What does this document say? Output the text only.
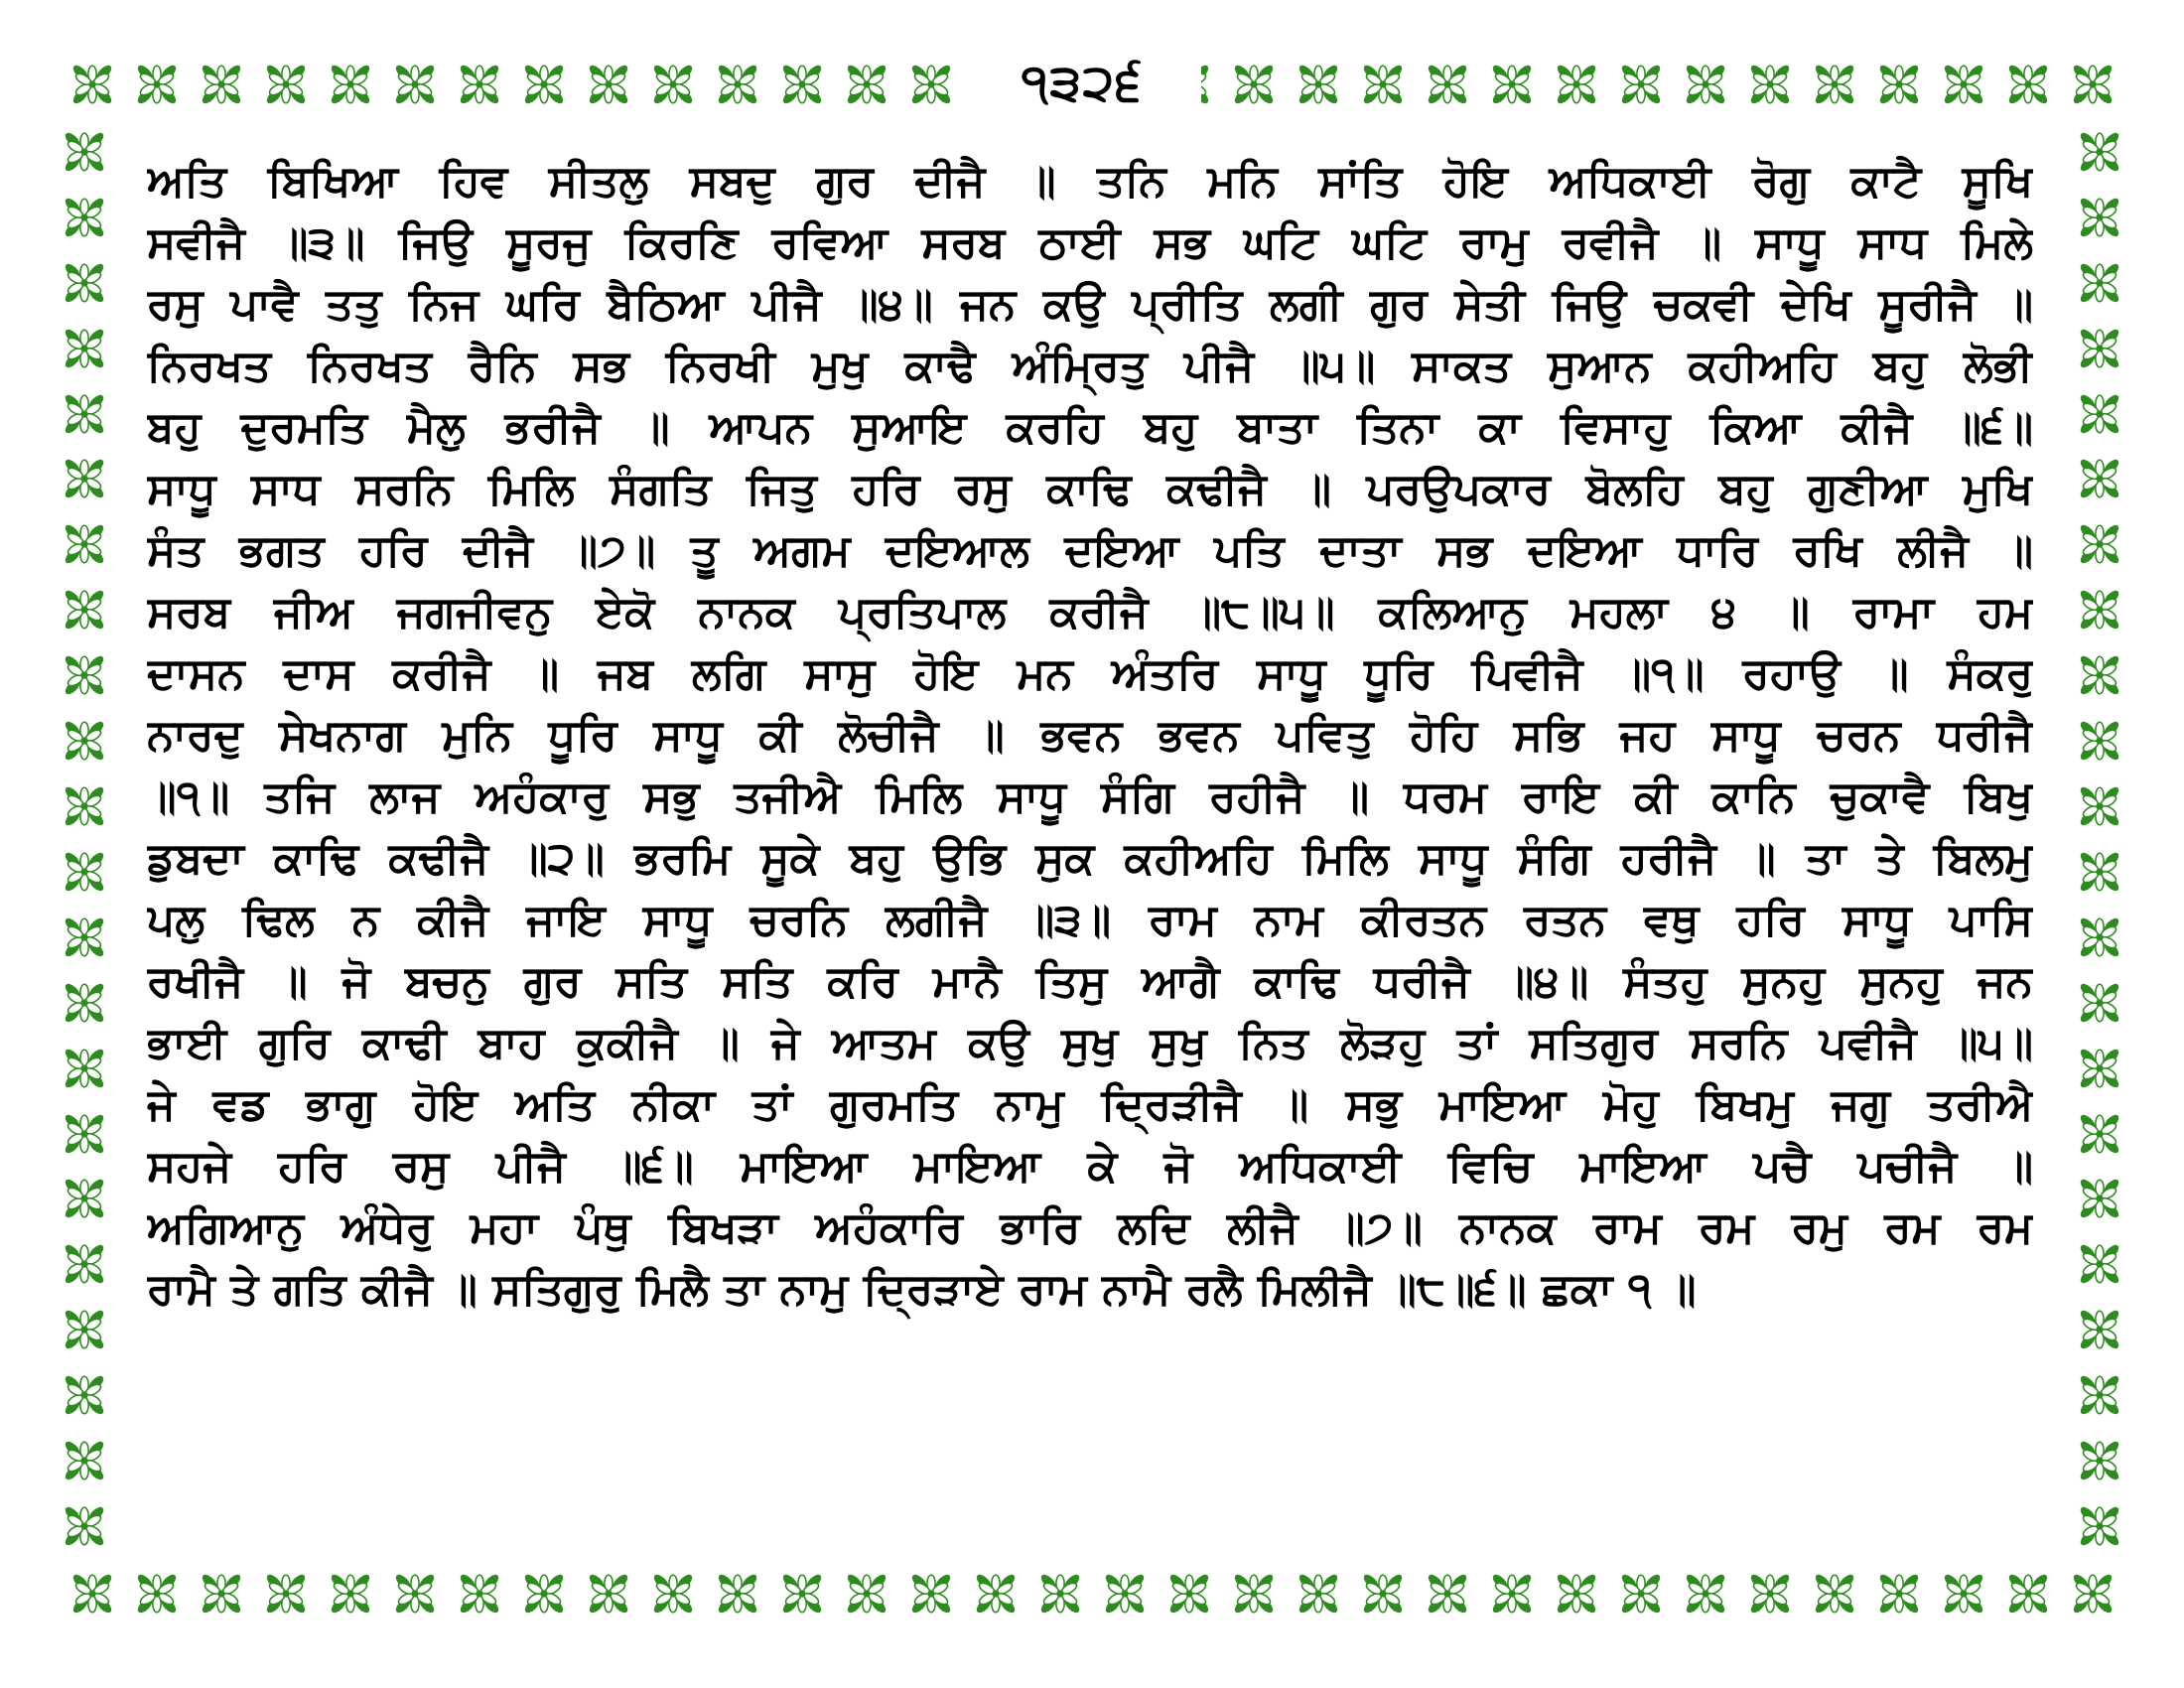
੧੩੨੬
ਅਤਿ ਬਿਖਿਆ ਹਿਵ ਸੀਤਲੁ ਸਬਦੁ ਗੁਰ ਦੀਜੈ ॥ ਤਨਿ ਮਨਿ ਸਾਂਤਿ ਹੋਇ ਅਧਿਕਾਈ ਰੋਗੁ ਕਾਟੈ ਸੂਖਿ
ਸਵੀਜੈ ॥੩॥ ਜਿਉ ਸੂਰਜੁ ਕਿਰਣਿ ਰਵਿਆ ਸਰਬ ਠਾਈ ਸਭ ਘਟਿ ਘਟਿ ਰਾਮੁ ਰਵੀਜੈ ॥ ਸਾਧੂ ਸਾਧ ਮਿਲੇ
ਰਸੁ ਪਾਵੈ ਤਤੁ ਨਿਜ ਘਰਿ ਬੈਠਿਆ ਪੀਜੈ ॥੪॥ ਜਨ ਕਉ ਪ੍ਰੀਤਿ ਲਗੀ ਗੁਰ ਸੇਤੀ ਜਿਉ ਚਕਵੀ ਦੇਖਿ ਸੂਰੀਜੈ ॥
ਨਿਰਖਤ ਨਿਰਖਤ ਰੈਨਿ ਸਭ ਨਿਰਖੀ ਮੁਖੁ ਕਾਢੈ ਅੰਮ੍ਰਿਤੁ ਪੀਜੈ ॥੫॥ ਸਾਕਤ ਸੁਆਨ ਕਹੀਅਹਿ ਬਹੁ ਲੋਭੀ
ਬਹੁ ਦੁਰਮਤਿ ਮੈਲੁ ਭਰੀਜੈ ॥ ਆਪਨ ਸੁਆਇ ਕਰਹਿ ਬਹੁ ਬਾਤਾ ਤਿਨਾ ਕਾ ਵਿਸਾਹੁ ਕਿਆ ਕੀਜੈ ॥੬॥
ਸਾਧੂ ਸਾਧ ਸਰਨਿ ਮਿਲਿ ਸੰਗਤਿ ਜਿਤੁ ਹਰਿ ਰਸੁ ਕਾਢਿ ਕਢੀਜੈ ॥ ਪਰਉਪਕਾਰ ਬੋਲਹਿ ਬਹੁ ਗੁਣੀਆ ਮੁਖਿ
ਸੰਤ ਭਗਤ ਹਰਿ ਦੀਜੈ ॥੭॥ ਤੂ ਅਗਮ ਦਇਆਲ ਦਇਆ ਪਤਿ ਦਾਤਾ ਸਭ ਦਇਆ ਧਾਰਿ ਰਖਿ ਲੀਜੈ ॥
ਸਰਬ ਜੀਅ ਜਗਜੀਵਨੁ ਏਕੋ ਨਾਨਕ ਪ੍ਰਤਿਪਾਲ ਕਰੀਜੈ ॥੮॥੫॥ ਕਲਿਆਨੁ ਮਹਲਾ ੪ ॥ ਰਾਮਾ ਹਮ
ਦਾਸਨ ਦਾਸ ਕਰੀਜੈ ॥ ਜਬ ਲਗਿ ਸਾਸੁ ਹੋਇ ਮਨ ਅੰਤਰਿ ਸਾਧੂ ਧੂਰਿ ਪਿਵੀਜੈ ॥੧॥ ਰਹਾਉ ॥ ਸੰਕਰੁ
ਨਾਰਦੁ ਸੇਖਨਾਗ ਮੁਨਿ ਧੂਰਿ ਸਾਧੂ ਕੀ ਲੋਚੀਜੈ ॥ ਭਵਨ ਭਵਨ ਪਵਿਤੁ ਹੋਹਿ ਸਭਿ ਜਹ ਸਾਧੂ ਚਰਨ ਧਰੀਜੈ
॥੧॥ ਤਜਿ ਲਾਜ ਅਹੰਕਾਰੁ ਸਭੁ ਤਜੀਐ ਮਿਲਿ ਸਾਧੂ ਸੰਗਿ ਰਹੀਜੈ ॥ ਧਰਮ ਰਾਇ ਕੀ ਕਾਨਿ ਚੁਕਾਵੈ ਬਿਖੁ
ਡੁਬਦਾ ਕਾਢਿ ਕਢੀਜੈ ॥੨॥ ਭਰਮਿ ਸੂਕੇ ਬਹੁ ਉਭਿ ਸੁਕ ਕਹੀਅਹਿ ਮਿਲਿ ਸਾਧੂ ਸੰਗਿ ਹਰੀਜੈ ॥ ਤਾ ਤੇ ਬਿਲਮੁ
ਪਲੁ ਢਿਲ ਨ ਕੀਜੈ ਜਾਇ ਸਾਧੂ ਚਰਨਿ ਲਗੀਜੈ ॥੩॥ ਰਾਮ ਨਾਮ ਕੀਰਤਨ ਰਤਨ ਵਥੁ ਹਰਿ ਸਾਧੂ ਪਾਸਿ
ਰਖੀਜੈ ॥ ਜੋ ਬਚਨੁ ਗੁਰ ਸਤਿ ਸਤਿ ਕਰਿ ਮਾਨੈ ਤਿਸੁ ਆਗੈ ਕਾਢਿ ਧਰੀਜੈ ॥੪॥ ਸੰਤਹੁ ਸੁਨਹੁ ਸੁਨਹੁ ਜਨ
ਭਾਈ ਗੁਰਿ ਕਾਢੀ ਬਾਹ ਕੁਕੀਜੈ ॥ ਜੇ ਆਤਮ ਕਉ ਸੁਖੁ ਸੁਖੁ ਨਿਤ ਲੋੜਹੁ ਤਾਂ ਸਤਿਗੁਰ ਸਰਨਿ ਪਵੀਜੈ ॥੫॥
ਜੇ ਵਡ ਭਾਗੁ ਹੋਇ ਅਤਿ ਨੀਕਾ ਤਾਂ ਗੁਰਮਤਿ ਨਾਮੁ ਦ੍ਰਿੜੀਜੈ ॥ ਸਭੁ ਮਾਇਆ ਮੋਹੁ ਬਿਖਮੁ ਜਗੁ ਤਰੀਐ
ਸਹਜੇ ਹਰਿ ਰਸੁ ਪੀਜੈ ॥੬॥ ਮਾਇਆ ਮਾਇਆ ਕੇ ਜੋ ਅਧਿਕਾਈ ਵਿਚਿ ਮਾਇਆ ਪਚੈ ਪਚੀਜੈ ॥
ਅਗਿਆਨੁ ਅੰਧੇਰੁ ਮਹਾ ਪੰਥੁ ਬਿਖੜਾ ਅਹੰਕਾਰਿ ਭਾਰਿ ਲਦਿ ਲੀਜੈ ॥੭॥ ਨਾਨਕ ਰਾਮ ਰਮ ਰਮੁ ਰਮ ਰਮ
ਰਾਮੈ ਤੇ ਗਤਿ ਕੀਜੈ ॥ ਸਤਿਗੁਰੁ ਮਿਲੈ ਤਾ ਨਾਮੁ ਦ੍ਰਿੜਾਏ ਰਾਮ ਨਾਮੈ ਰਲੈ ਮਿਲੀਜੈ ॥੮॥੬॥ ਛਕਾ ੧ ॥
